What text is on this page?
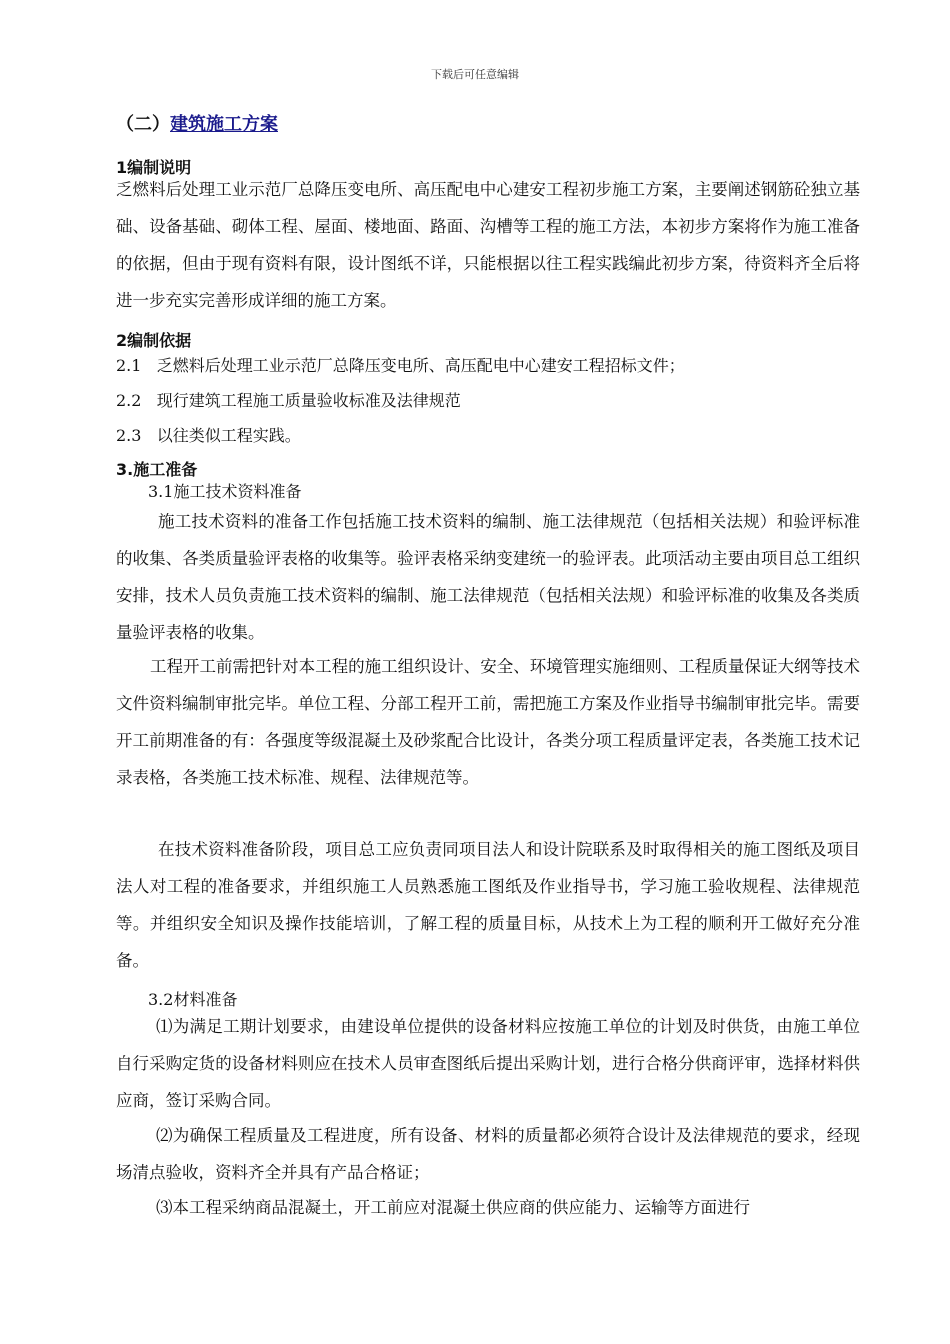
下载后可任意编辑
（二）建筑施工方案
1编制说明
乏燃料后处理工业示范厂总降压变电所、高压配电中心建安工程初步施工方案，主要阐述钢筋砼独立基础、设备基础、砌体工程、屋面、楼地面、路面、沟槽等工程的施工方法，本初步方案将作为施工准备的依据，但由于现有资料有限，设计图纸不详，只能根据以往工程实践编此初步方案，待资料齐全后将进一步充实完善形成详细的施工方案。
2编制依据
2.1   乏燃料后处理工业示范厂总降压变电所、高压配电中心建安工程招标文件；
2.2   现行建筑工程施工质量验收标准及法律规范
2.3   以往类似工程实践。
3.施工准备
3.1施工技术资料准备
施工技术资料的准备工作包括施工技术资料的编制、施工法律规范（包括相关法规）和验评标准的收集、各类质量验评表格的收集等。验评表格采纳变建统一的验评表。此项活动主要由项目总工组织安排，技术人员负责施工技术资料的编制、施工法律规范（包括相关法规）和验评标准的收集及各类质量验评表格的收集。
工程开工前需把针对本工程的施工组织设计、安全、环境管理实施细则、工程质量保证大纲等技术文件资料编制审批完毕。单位工程、分部工程开工前，需把施工方案及作业指导书编制审批完毕。需要开工前期准备的有：各强度等级混凝土及砂浆配合比设计，各类分项工程质量评定表，各类施工技术记录表格，各类施工技术标准、规程、法律规范等。
在技术资料准备阶段，项目总工应负责同项目法人和设计院联系及时取得相关的施工图纸及项目法人对工程的准备要求，并组织施工人员熟悉施工图纸及作业指导书，学习施工验收规程、法律规范等。并组织安全知识及操作技能培训，了解工程的质量目标，从技术上为工程的顺利开工做好充分准备。
3.2材料准备
⑴为满足工期计划要求，由建设单位提供的设备材料应按施工单位的计划及时供货，由施工单位自行采购定货的设备材料则应在技术人员审查图纸后提出采购计划，进行合格分供商评审，选择材料供应商，签订采购合同。
⑵为确保工程质量及工程进度，所有设备、材料的质量都必须符合设计及法律规范的要求，经现场清点验收，资料齐全并具有产品合格证；
⑶本工程采纳商品混凝土，开工前应对混凝土供应商的供应能力、运输等方面进行
